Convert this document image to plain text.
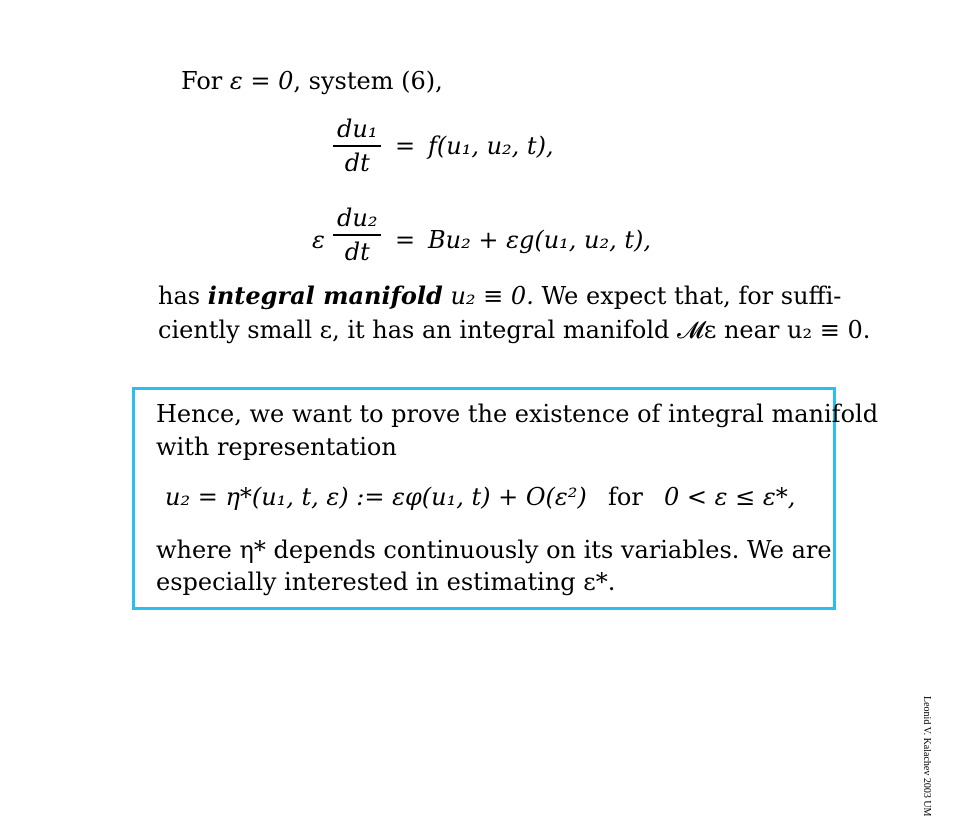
For ε = 0, system (6),
du₁
dt
= f(u₁, u₂, t),
ε
du₂
dt = Bu₂ + εg(u₁, u₂, t),
has integral manifold u₂ ≡ 0. We expect that, for suffi-
ciently small ε, it has an integral manifold 𝓜ε near u₂ ≡ 0.
Hence, we want to prove the existence of integral manifold
with representation
u₂ = η*(u₁, t, ε) := εφ(u₁, t) + O(ε²) for 0 < ε ≤ ε*,
where η* depends continuously on its variables. We are
especially interested in estimating ε*.
Leonid V. Kalachev 2003 UM
